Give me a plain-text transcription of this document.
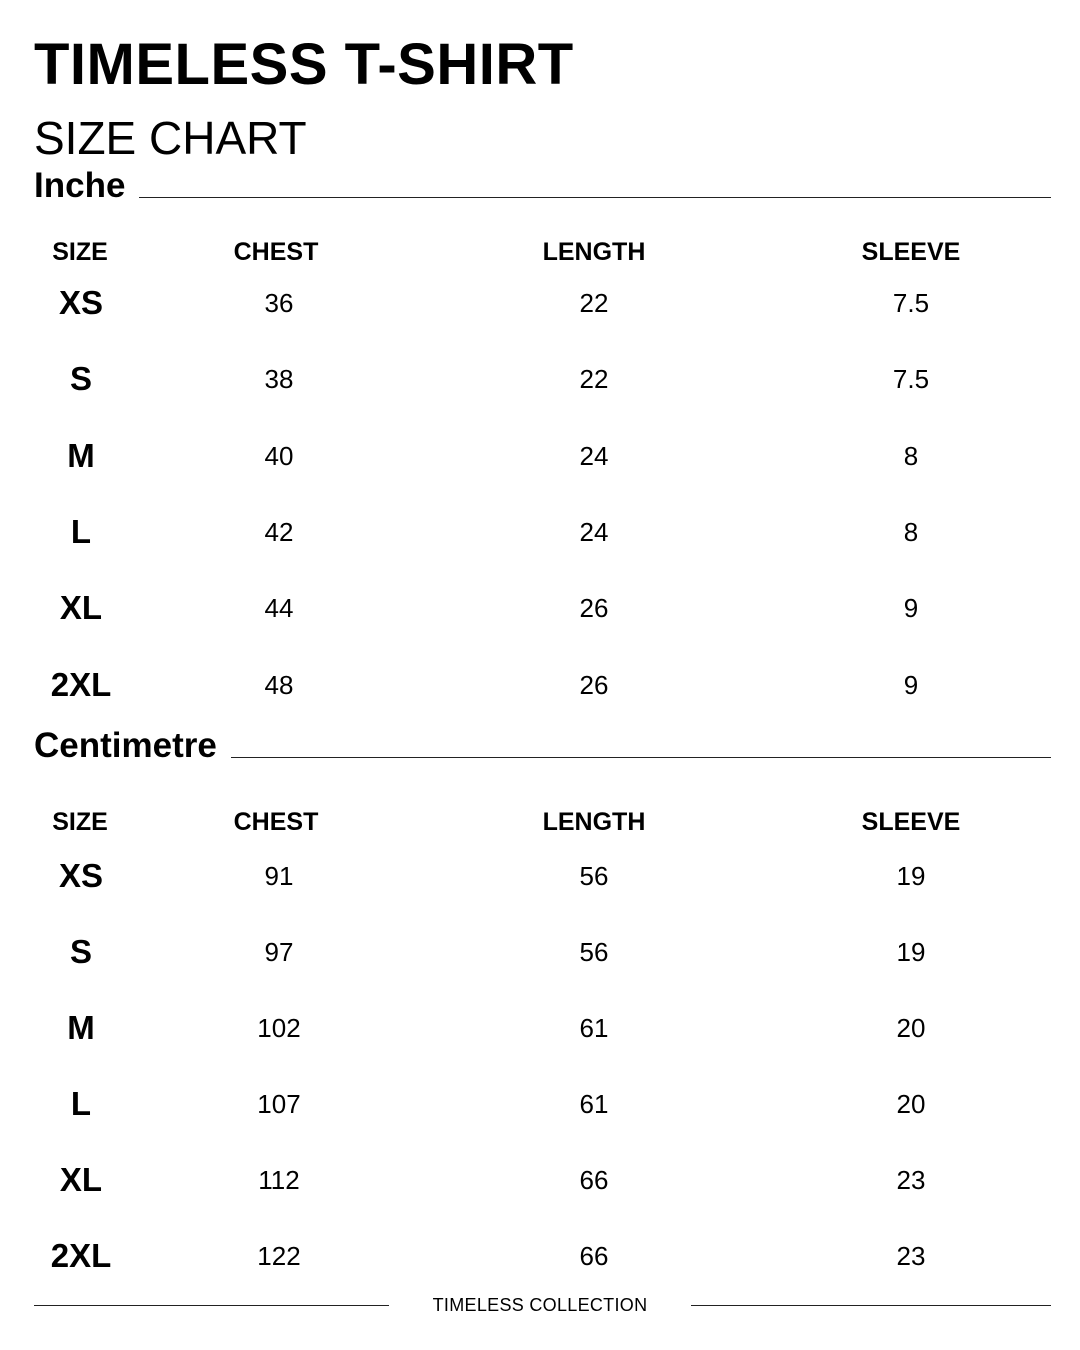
TIMELESS T-SHIRT
SIZE CHART
Inche
SIZE	CHEST	LENGTH	SLEEVE
XS	36	22	7.5
S	38	22	7.5
M	40	24	8
L	42	24	8
XL	44	26	9
2XL	48	26	9
Centimetre
SIZE	CHEST	LENGTH	SLEEVE
XS	91	56	19
S	97	56	19
M	102	61	20
L	107	61	20
XL	112	66	23
2XL	122	66	23
TIMELESS COLLECTION
